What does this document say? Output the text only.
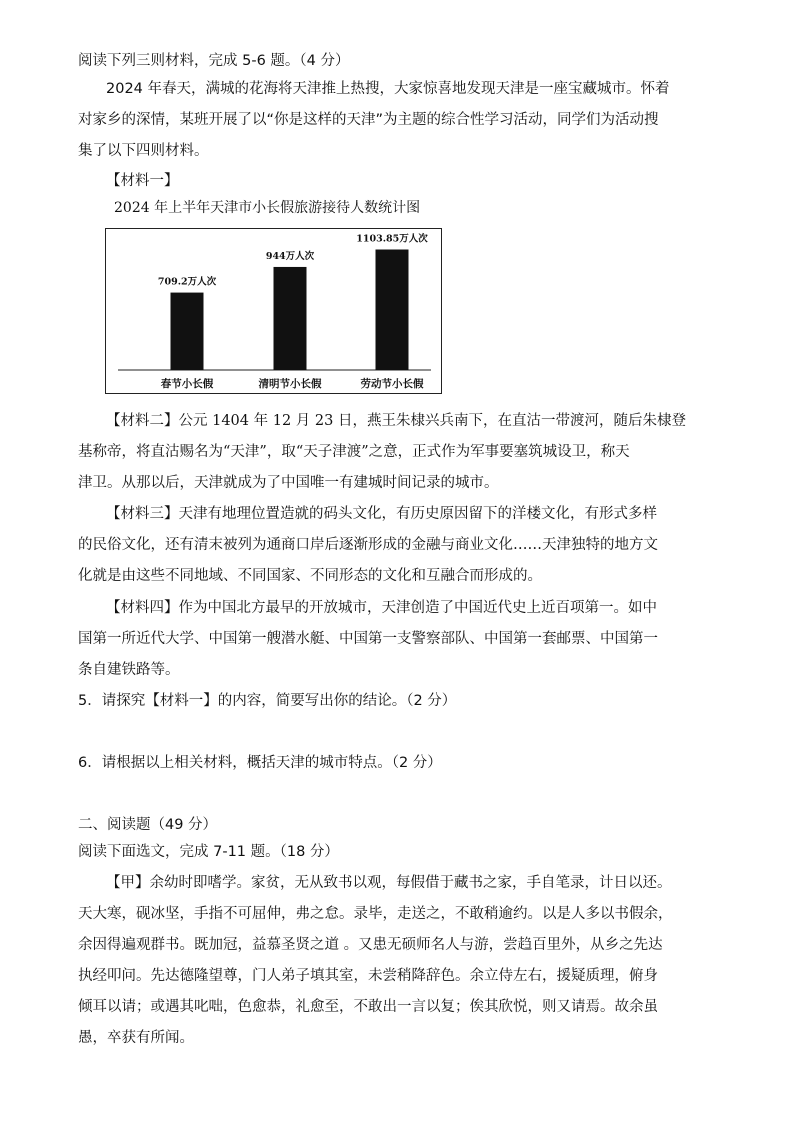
阅读下列三则材料，完成 5-6 题。（4 分）
2024 年春天，满城的花海将天津推上热搜，大家惊喜地发现天津是一座宝藏城市。怀着
对家乡的深情，某班开展了以“你是这样的天津”为主题的综合性学习活动，同学们为活动搜
集了以下四则材料。
【材料一】
2024 年上半年天津市小长假旅游接待人数统计图
709.2万人次
春节小长假
944万人次
清明节小长假
1103.85万人次
劳动节小长假
【材料二】公元 1404 年 12 月 23 日，燕王朱棣兴兵南下，在直沽一带渡河，随后朱棣登
基称帝，将直沽赐名为“天津”，取“天子津渡”之意，正式作为军事要塞筑城设卫，称天
津卫。从那以后，天津就成为了中国唯一有建城时间记录的城市。
【材料三】天津有地理位置造就的码头文化，有历史原因留下的洋楼文化，有形式多样
的民俗文化，还有清末被列为通商口岸后逐渐形成的金融与商业文化……天津独特的地方文
化就是由这些不同地域、不同国家、不同形态的文化和互融合而形成的。
【材料四】作为中国北方最早的开放城市，天津创造了中国近代史上近百项第一。如中
国第一所近代大学、中国第一艘潜水艇、中国第一支警察部队、中国第一套邮票、中国第一
条自建铁路等。
5．请探究【材料一】的内容，简要写出你的结论。（2 分）
6．请根据以上相关材料，概括天津的城市特点。（2 分）
二、阅读题（49 分）
阅读下面选文，完成 7-11 题。（18 分）
【甲】余幼时即嗜学。家贫，无从致书以观，每假借于藏书之家，手自笔录，计日以还。
天大寒，砚冰坚，手指不可屈伸，弗之怠。录毕，走送之，不敢稍逾约。以是人多以书假余，
余因得遍观群书。既加冠，益慕圣贤之道 。又患无硕师名人与游，尝趋百里外，从乡之先达
执经叩问。先达德隆望尊，门人弟子填其室，未尝稍降辞色。余立侍左右，援疑质理，俯身
倾耳以请；或遇其叱咄，色愈恭，礼愈至，不敢出一言以复；俟其欣悦，则又请焉。故余虽
愚，卒获有所闻。
